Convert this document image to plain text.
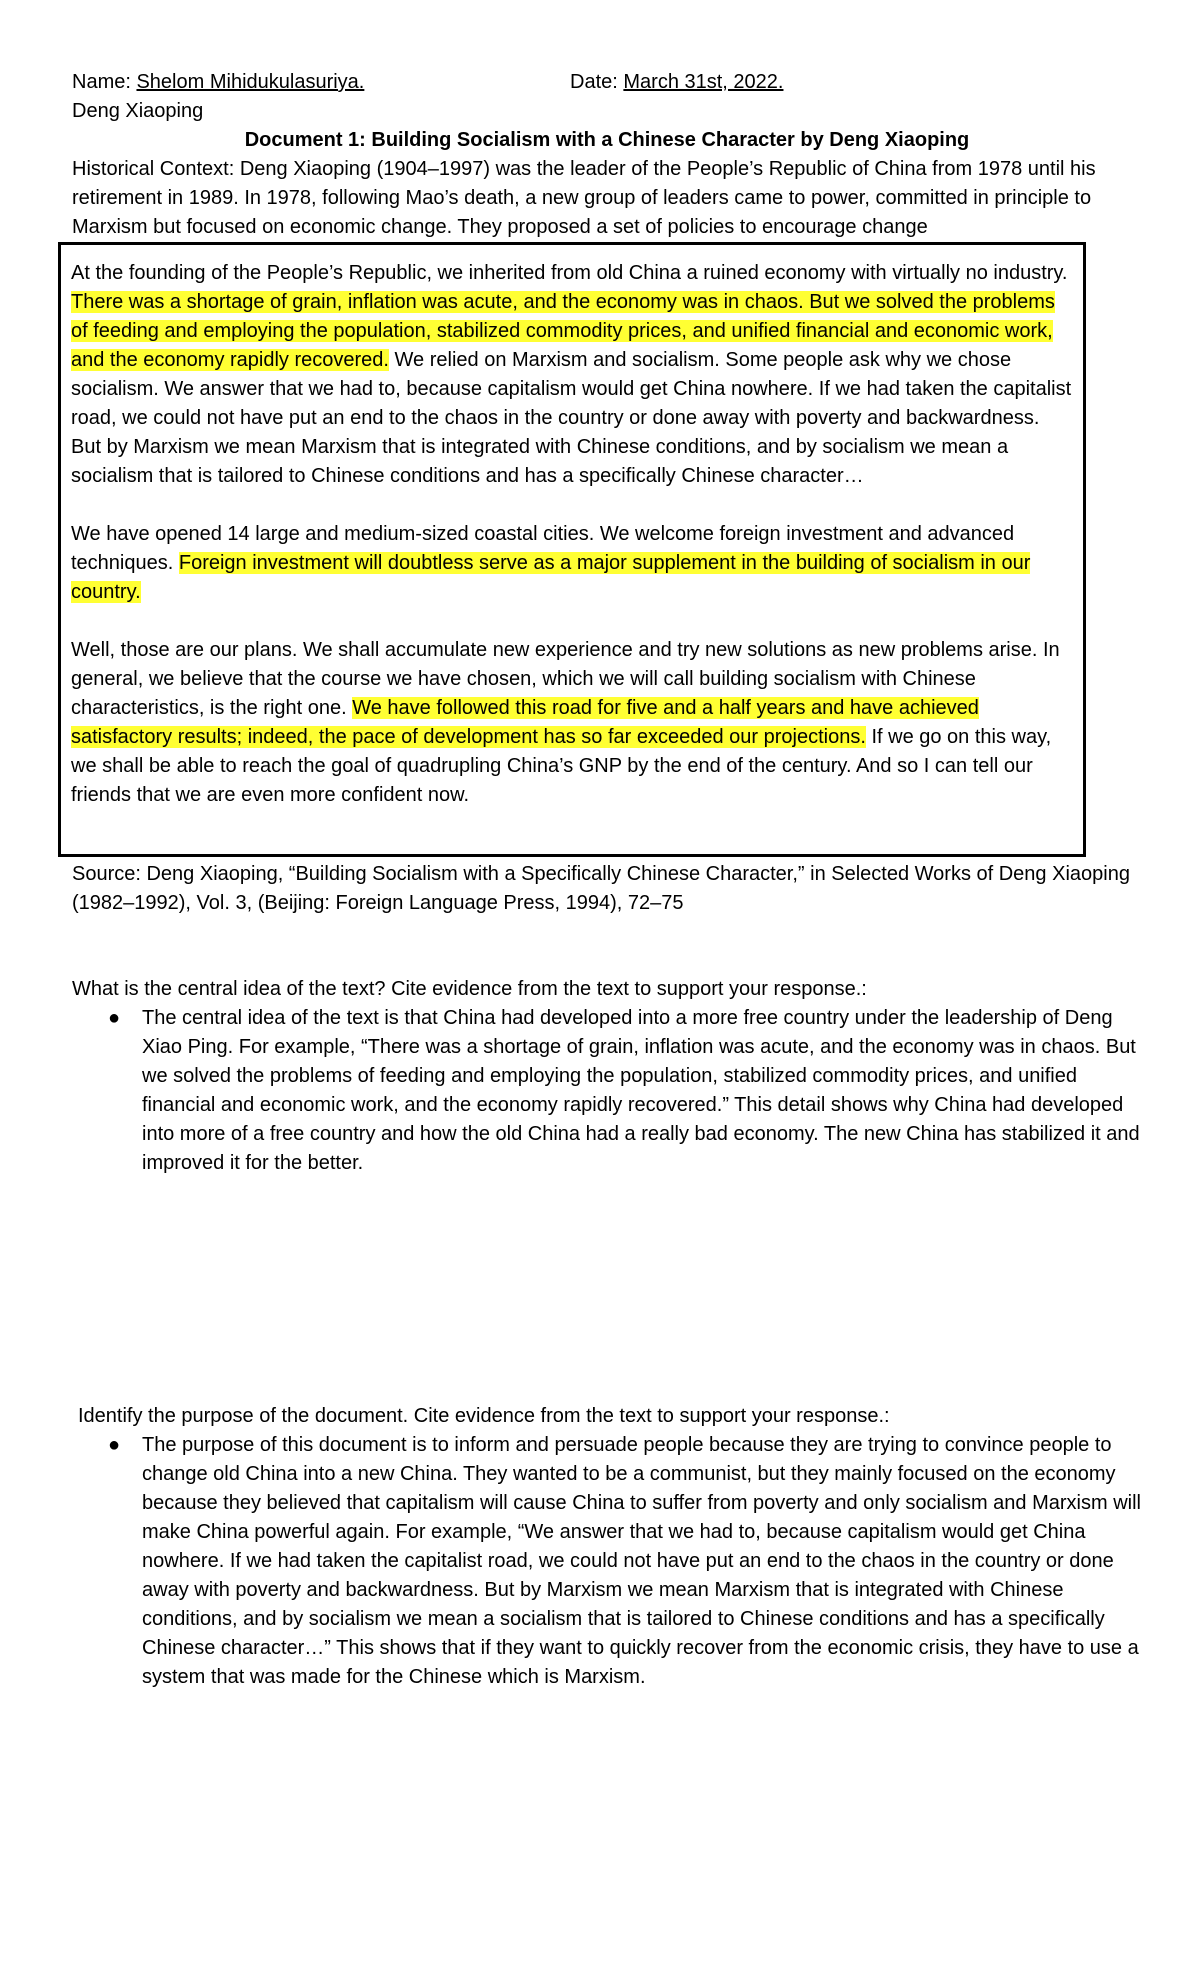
Name: Shelom Mihidukulasuriya.	Date: March 31st, 2022.
Deng Xiaoping
Document 1: Building Socialism with a Chinese Character by Deng Xiaoping

Historical Context: Deng Xiaoping (1904–1997) was the leader of the People’s Republic of China from 1978 until his retirement in 1989. In 1978, following Mao’s death, a new group of leaders came to power, committed in principle to Marxism but focused on economic change. They proposed a set of policies to encourage change

At the founding of the People’s Republic, we inherited from old China a ruined economy with virtually no industry. There was a shortage of grain, inflation was acute, and the economy was in chaos. But we solved the problems of feeding and employing the population, stabilized commodity prices, and unified financial and economic work, and the economy rapidly recovered. We relied on Marxism and socialism. Some people ask why we chose socialism. We answer that we had to, because capitalism would get China nowhere. If we had taken the capitalist road, we could not have put an end to the chaos in the country or done away with poverty and backwardness. But by Marxism we mean Marxism that is integrated with Chinese conditions, and by socialism we mean a socialism that is tailored to Chinese conditions and has a specifically Chinese character…

We have opened 14 large and medium-sized coastal cities. We welcome foreign investment and advanced techniques. Foreign investment will doubtless serve as a major supplement in the building of socialism in our country.

Well, those are our plans. We shall accumulate new experience and try new solutions as new problems arise. In general, we believe that the course we have chosen, which we will call building socialism with Chinese characteristics, is the right one. We have followed this road for five and a half years and have achieved satisfactory results; indeed, the pace of development has so far exceeded our projections. If we go on this way, we shall be able to reach the goal of quadrupling China’s GNP by the end of the century. And so I can tell our friends that we are even more confident now.

Source: Deng Xiaoping, “Building Socialism with a Specifically Chinese Character,” in Selected Works of Deng Xiaoping (1982–1992), Vol. 3, (Beijing: Foreign Language Press, 1994), 72–75
What is the central idea of the text? Cite evidence from the text to support your response.:
● The central idea of the text is that China had developed into a more free country under the leadership of Deng Xiao Ping. For example, “There was a shortage of grain, inflation was acute, and the economy was in chaos. But we solved the problems of feeding and employing the population, stabilized commodity prices, and unified financial and economic work, and the economy rapidly recovered.” This detail shows why China had developed into more of a free country and how the old China had a really bad economy. The new China has stabilized it and improved it for the better.
Identify the purpose of the document. Cite evidence from the text to support your response.:
● The purpose of this document is to inform and persuade people because they are trying to convince people to change old China into a new China. They wanted to be a communist, but they mainly focused on the economy because they believed that capitalism will cause China to suffer from poverty and only socialism and Marxism will make China powerful again. For example, “We answer that we had to, because capitalism would get China nowhere. If we had taken the capitalist road, we could not have put an end to the chaos in the country or done away with poverty and backwardness. But by Marxism we mean Marxism that is integrated with Chinese conditions, and by socialism we mean a socialism that is tailored to Chinese conditions and has a specifically Chinese character…” This shows that if they want to quickly recover from the economic crisis, they have to use a system that was made for the Chinese which is Marxism.
